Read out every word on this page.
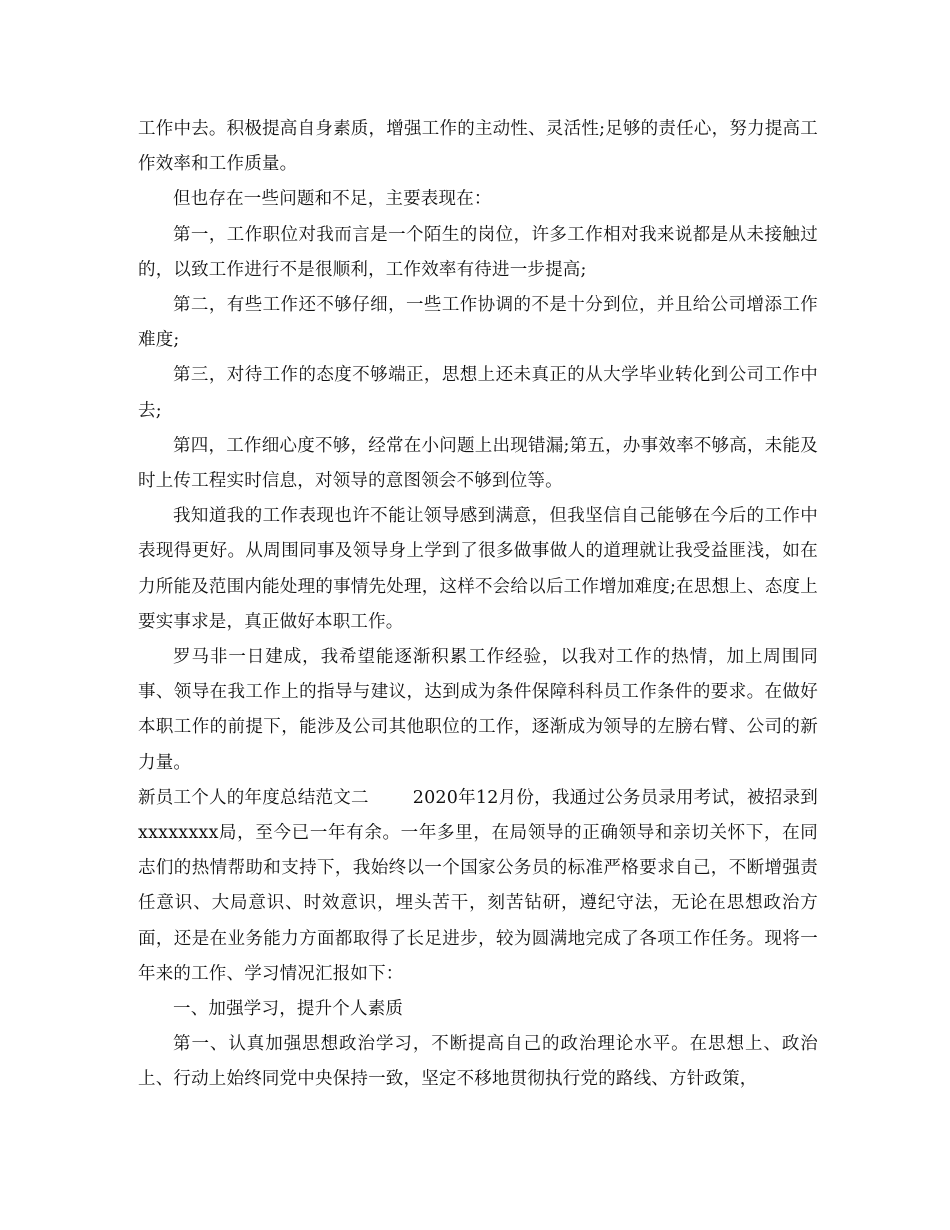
工作中去。积极提高自身素质，增强工作的主动性、灵活性;足够的责任心，努力提高工作效率和工作质量。

但也存在一些问题和不足，主要表现在：

第一，工作职位对我而言是一个陌生的岗位，许多工作相对我来说都是从未接触过的，以致工作进行不是很顺利，工作效率有待进一步提高;

第二，有些工作还不够仔细，一些工作协调的不是十分到位，并且给公司增添工作难度;

第三，对待工作的态度不够端正，思想上还未真正的从大学毕业转化到公司工作中去;

第四，工作细心度不够，经常在小问题上出现错漏;第五，办事效率不够高，未能及时上传工程实时信息，对领导的意图领会不够到位等。

我知道我的工作表现也许不能让领导感到满意，但我坚信自己能够在今后的工作中表现得更好。从周围同事及领导身上学到了很多做事做人的道理就让我受益匪浅，如在力所能及范围内能处理的事情先处理，这样不会给以后工作增加难度;在思想上、态度上要实事求是，真正做好本职工作。

罗马非一日建成，我希望能逐渐积累工作经验，以我对工作的热情，加上周围同事、领导在我工作上的指导与建议，达到成为条件保障科科员工作条件的要求。在做好本职工作的前提下，能涉及公司其他职位的工作，逐渐成为领导的左膀右臂、公司的新力量。

新员工个人的年度总结范文二	2020年12月份，我通过公务员录用考试，被招录到xxxxxxxx局，至今已一年有余。一年多里，在局领导的正确领导和亲切关怀下，在同志们的热情帮助和支持下，我始终以一个国家公务员的标准严格要求自己，不断增强责任意识、大局意识、时效意识，埋头苦干，刻苦钻研，遵纪守法，无论在思想政治方面，还是在业务能力方面都取得了长足进步，较为圆满地完成了各项工作任务。现将一年来的工作、学习情况汇报如下：

一、加强学习，提升个人素质

第一、认真加强思想政治学习，不断提高自己的政治理论水平。在思想上、政治上、行动上始终同党中央保持一致，坚定不移地贯彻执行党的路线、方针政策，
